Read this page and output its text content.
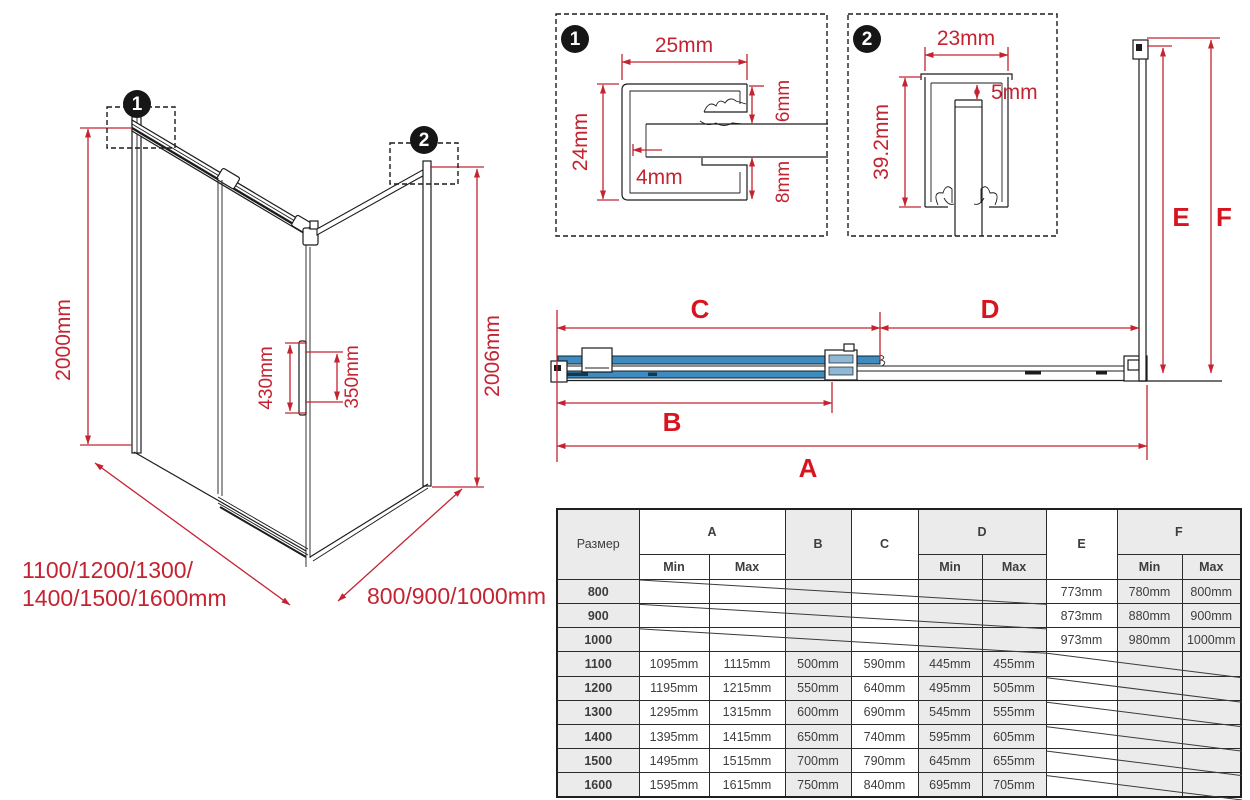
2000mm	2006mm
430mm	350mm
1100/1200/1300/
1400/1500/1600mm	800/900/1000mm
1
2
1	25mm
24mm
4mm
6mm
8mm
2	23mm
5mm
39.2mm
C	D
B
A
E F
Размер	A		B	C	D		E	F	
	Min	Max			Min	Max		Min	Max
800							773mm	780mm	800mm
900							873mm	880mm	900mm
1000							973mm	980mm	1000mm
1100	1095mm	1115mm	500mm	590mm	445mm	455mm			
1200	1195mm	1215mm	550mm	640mm	495mm	505mm			
1300	1295mm	1315mm	600mm	690mm	545mm	555mm			
1400	1395mm	1415mm	650mm	740mm	595mm	605mm			
1500	1495mm	1515mm	700mm	790mm	645mm	655mm			
1600	1595mm	1615mm	750mm	840mm	695mm	705mm			
